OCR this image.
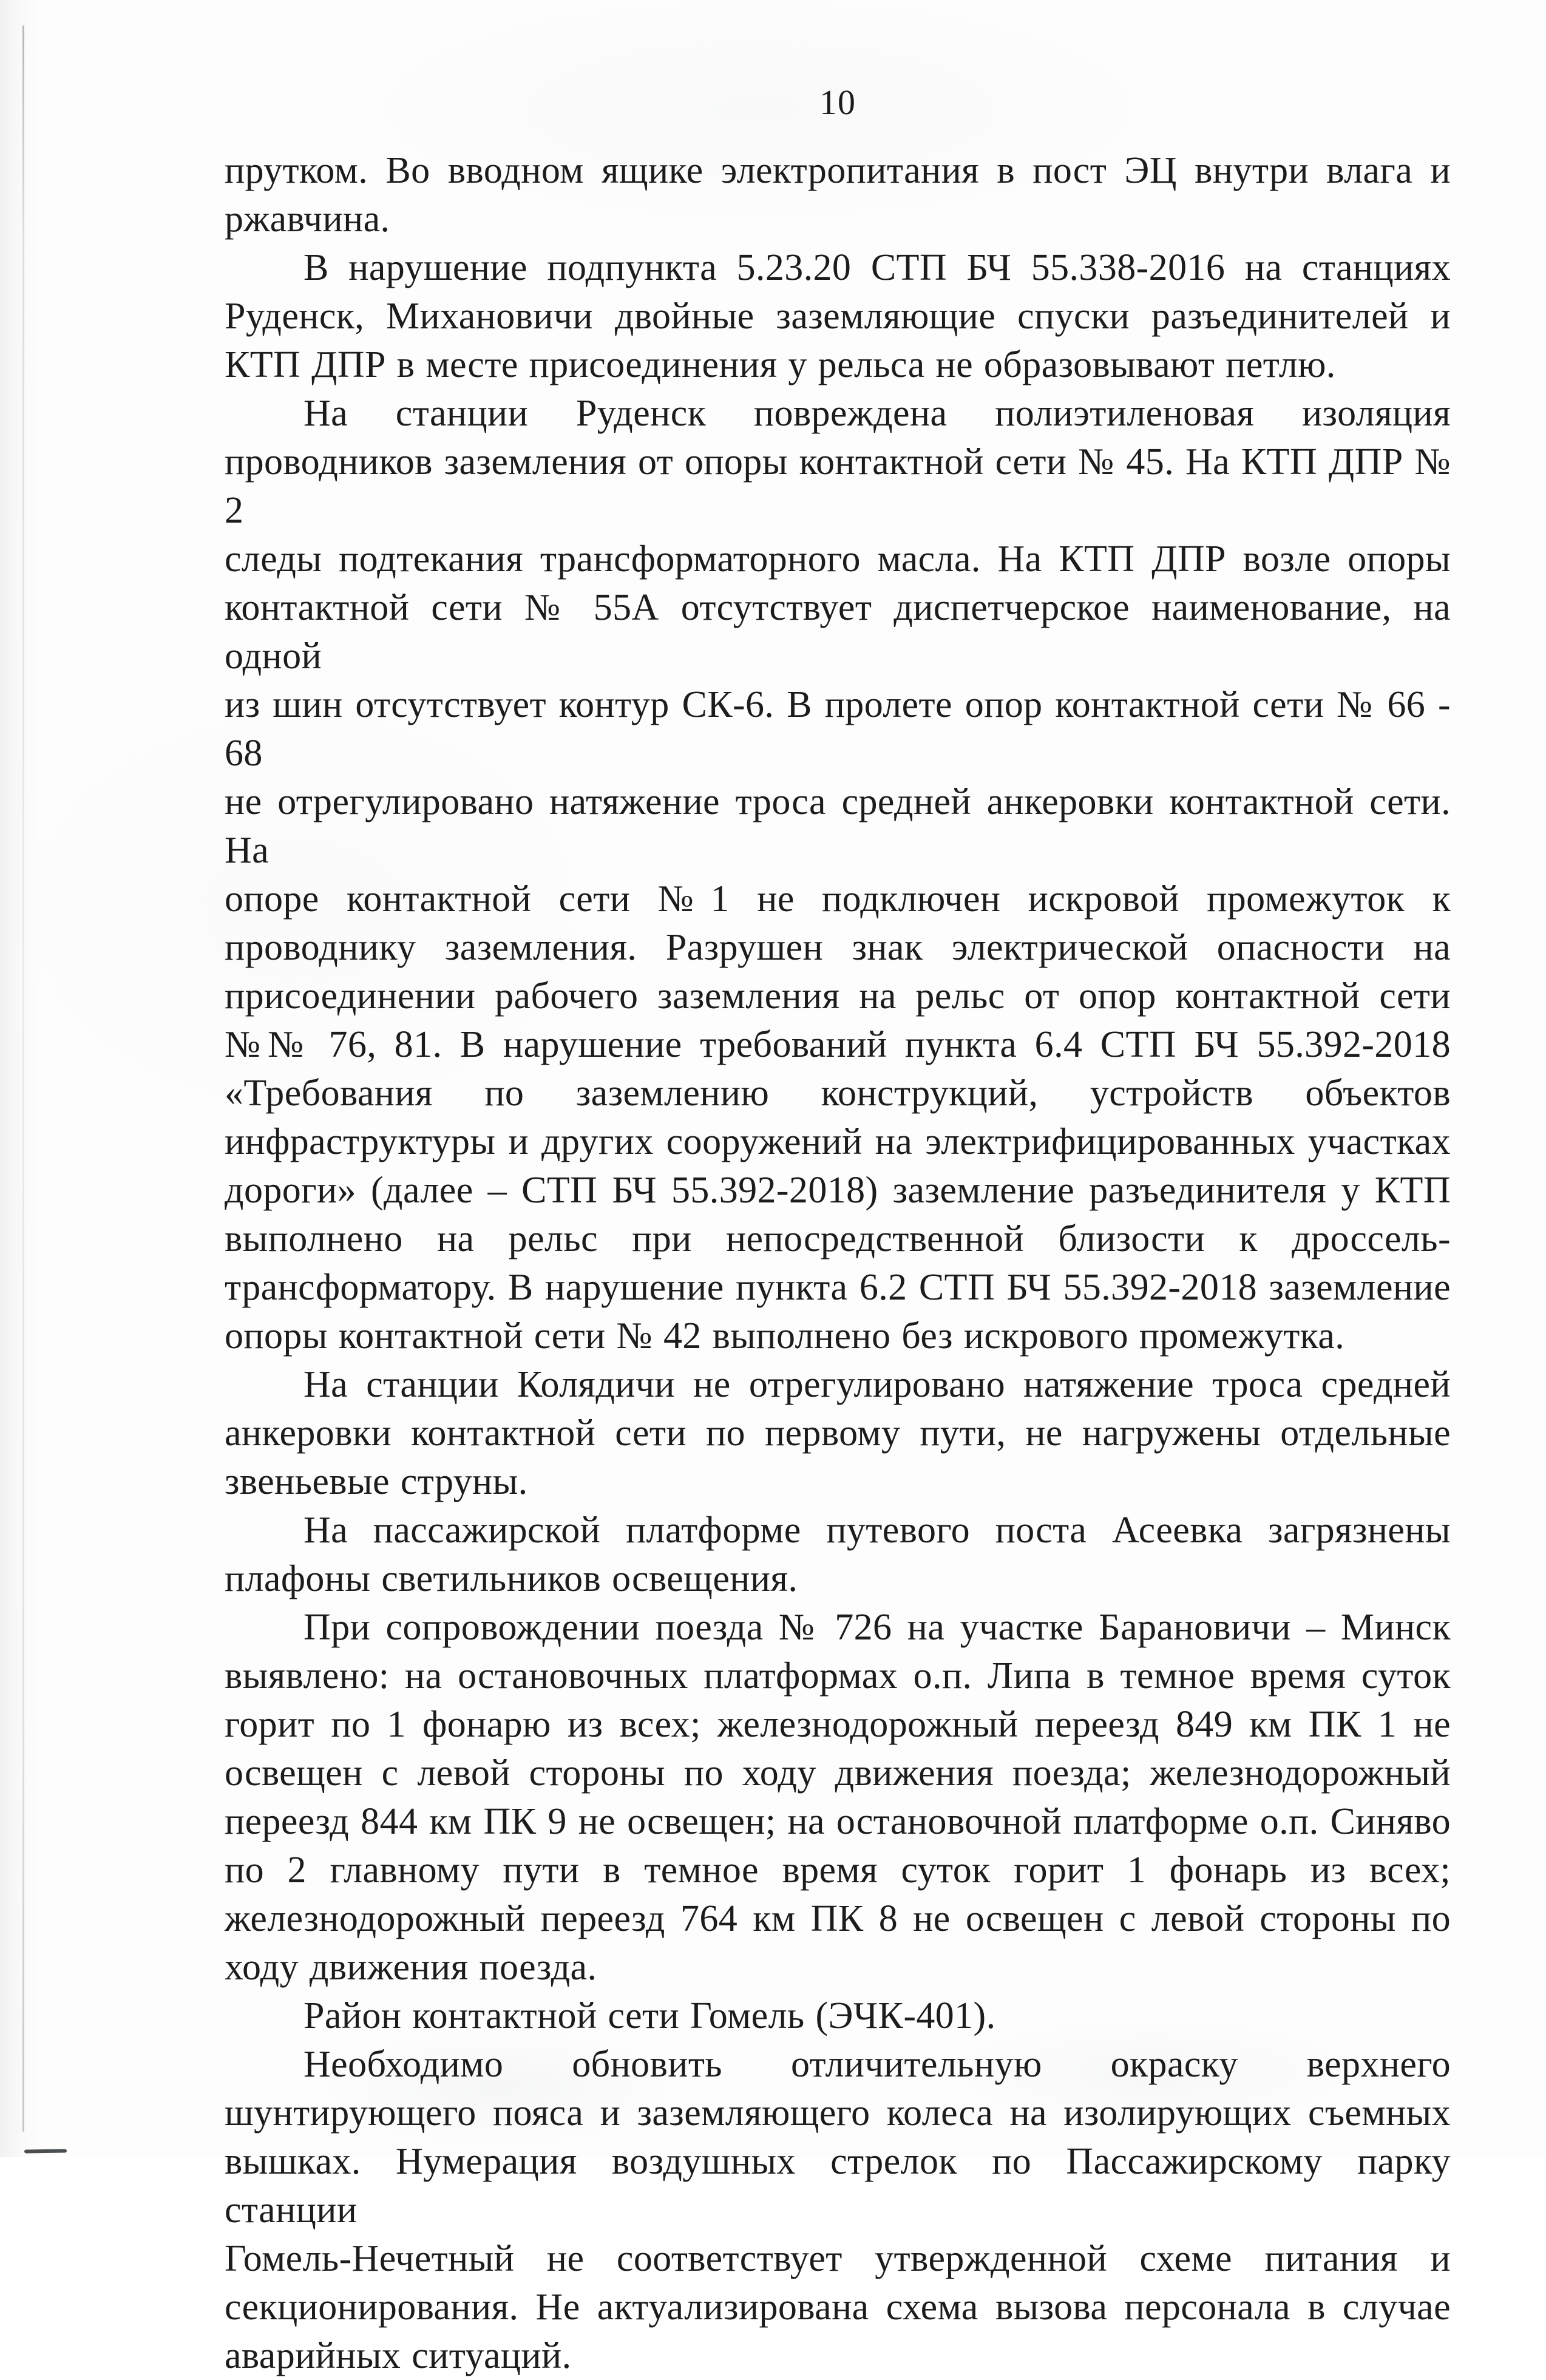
10
прутком. Во вводном ящике электропитания в пост ЭЦ внутри влага и
ржавчина.
В нарушение подпункта 5.23.20 СТП БЧ 55.338-2016 на станциях
Руденск, Михановичи двойные заземляющие спуски разъединителей и
КТП ДПР в месте присоединения у рельса не образовывают петлю.
На станции Руденск повреждена полиэтиленовая изоляция
проводников заземления от опоры контактной сети № 45. На КТП ДПР № 2
следы подтекания трансформаторного масла. На КТП ДПР возле опоры
контактной сети № 55А отсутствует диспетчерское наименование, на одной
из шин отсутствует контур СК-6. В пролете опор контактной сети № 66 - 68
не отрегулировано натяжение троса средней анкеровки контактной сети. На
опоре контактной сети №1 не подключен искровой промежуток к
проводнику заземления. Разрушен знак электрической опасности на
присоединении рабочего заземления на рельс от опор контактной сети
№№ 76, 81. В нарушение требований пункта 6.4 СТП БЧ 55.392-2018
«Требования по заземлению конструкций, устройств объектов
инфраструктуры и других сооружений на электрифицированных участках
дороги» (далее – СТП БЧ 55.392-2018) заземление разъединителя у КТП
выполнено на рельс при непосредственной близости к дроссель-
трансформатору. В нарушение пункта 6.2 СТП БЧ 55.392-2018 заземление
опоры контактной сети № 42 выполнено без искрового промежутка.
На станции Колядичи не отрегулировано натяжение троса средней
анкеровки контактной сети по первому пути, не нагружены отдельные
звеньевые струны.
На пассажирской платформе путевого поста Асеевка загрязнены
плафоны светильников освещения.
При сопровождении поезда № 726 на участке Барановичи – Минск
выявлено: на остановочных платформах о.п. Липа в темное время суток
горит по 1 фонарю из всех; железнодорожный переезд 849 км ПК 1 не
освещен с левой стороны по ходу движения поезда; железнодорожный
переезд 844 км ПК 9 не освещен; на остановочной платформе о.п. Синяво
по 2 главному пути в темное время суток горит 1 фонарь из всех;
железнодорожный переезд 764 км ПК 8 не освещен с левой стороны по
ходу движения поезда.
Район контактной сети Гомель (ЭЧК-401).
Необходимо обновить отличительную окраску верхнего
шунтирующего пояса и заземляющего колеса на изолирующих съемных
вышках. Нумерация воздушных стрелок по Пассажирскому парку станции
Гомель-Нечетный не соответствует утвержденной схеме питания и
секционирования. Не актуализирована схема вызова персонала в случае
аварийных ситуаций.
